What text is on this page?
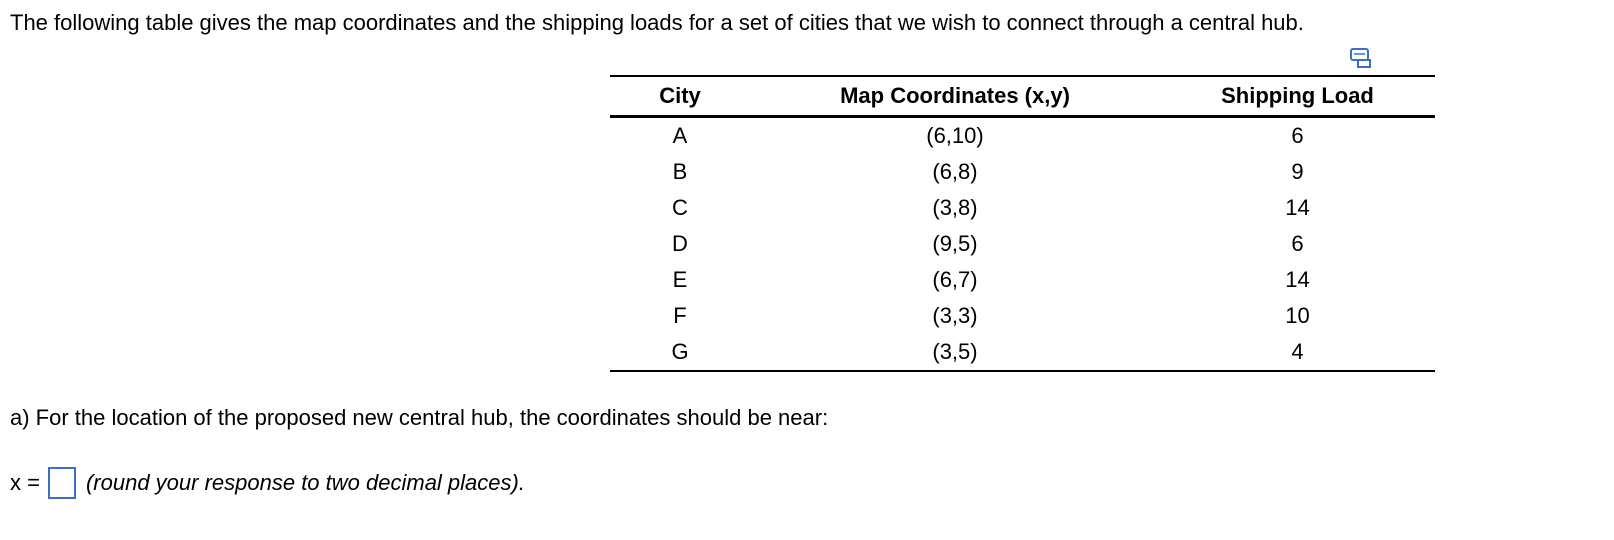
The following table gives the map coordinates and the shipping loads for a set of cities that we wish to connect through a central hub.
City	Map Coordinates (x,y)	Shipping Load
A	(6,10)	6
B	(6,8)	9
C	(3,8)	14
D	(9,5)	6
E	(6,7)	14
F	(3,3)	10
G	(3,5)	4
a) For the location of the proposed new central hub, the coordinates should be near:
x = (round your response to two decimal places).
